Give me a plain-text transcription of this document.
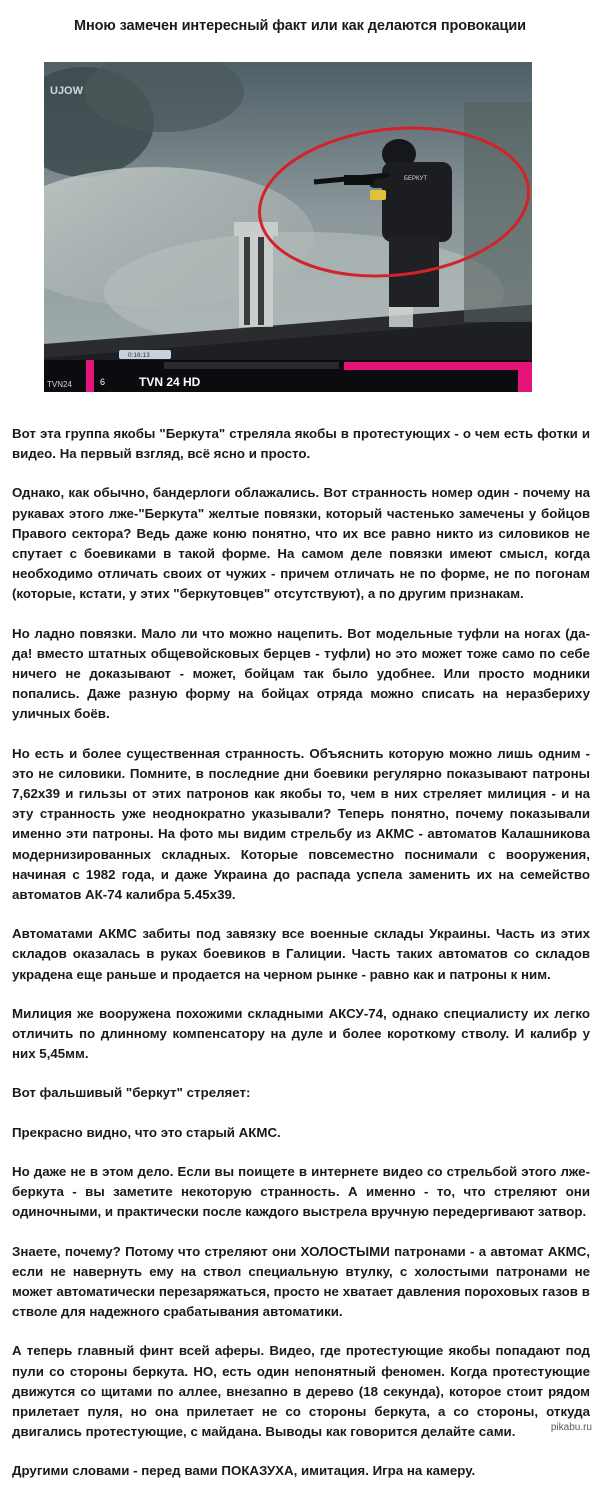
Мною замечен интересный факт или как делаются провокации
БЕРКУТ
UJOW
0:16:13
TVN24	6	TVN 24 HD

Вот эта группа якобы "Беркута" стреляла якобы в протестующих - о чем есть фотки и видео. На первый взгляд, всё ясно и просто.

Однако, как обычно, бандерлоги облажались. Вот странность номер один - почему на рукавах этого лже-"Беркута" желтые повязки, который частенько замечены у бойцов Правого сектора? Ведь даже коню понятно, что их все равно никто из силовиков не спутает с боевиками в такой форме. На самом деле повязки имеют смысл, когда необходимо отличать своих от чужих - причем отличать не по форме, не по погонам (которые, кстати, у этих "беркутовцев" отсутствуют), а по другим признакам.

Но ладно повязки. Мало ли что можно нацепить. Вот модельные туфли на ногах (да-да! вместо штатных общевойсковых берцев - туфли) но это может тоже само по себе ничего не доказывают - может, бойцам так было удобнее. Или просто модники попались. Даже разную форму на бойцах отряда можно списать на неразбериху уличных боёв.

Но есть и более существенная странность. Объяснить которую можно лишь одним - это не силовики. Помните, в последние дни боевики регулярно показывают патроны 7,62х39 и гильзы от этих патронов как якобы то, чем в них стреляет милиция - и на эту странность уже неоднократно указывали? Теперь понятно, почему показывали именно эти патроны. На фото мы видим стрельбу из АКМС - автоматов Калашникова модернизированных складных. Которые повсеместно поснимали с вооружения, начиная с 1982 года, и даже Украина до распада успела заменить их на семейство автоматов АК-74 калибра 5.45х39.

Автоматами АКМС забиты под завязку все военные склады Украины. Часть из этих складов оказалась в руках боевиков в Галиции. Часть таких автоматов со складов украдена еще раньше и продается на черном рынке - равно как и патроны к ним.

Милиция же вооружена похожими складными АКСУ-74, однако специалисту их легко отличить по длинному компенсатору на дуле и более короткому стволу. И калибр у них 5,45мм.

Вот фальшивый "беркут" стреляет:

Прекрасно видно, что это старый АКМС.

Но даже не в этом дело. Если вы поищете в интернете видео со стрельбой этого лже-беркута - вы заметите некоторую странность. А именно - то, что стреляют они одиночными, и практически после каждого выстрела вручную передергивают затвор.

Знаете, почему? Потому что стреляют они ХОЛОСТЫМИ патронами - а автомат АКМС, если не навернуть ему на ствол специальную втулку, с холостыми патронами не может автоматически перезаряжаться, просто не хватает давления пороховых газов в стволе для надежного срабатывания автоматики.

А теперь главный финт всей аферы. Видео, где протестующие якобы попадают под пули со стороны беркута. НО, есть один непонятный феномен. Когда протестующие движутся со щитами по аллее, внезапно в дерево (18 секунда), которое стоит рядом прилетает пуля, но она прилетает не со стороны беркута, а со стороны, откуда двигались протестующие, с майдана. Выводы как говорится делайте сами.

Другими словами - перед вами ПОКАЗУХА, имитация. Игра на камеру.

pikabu.ru
